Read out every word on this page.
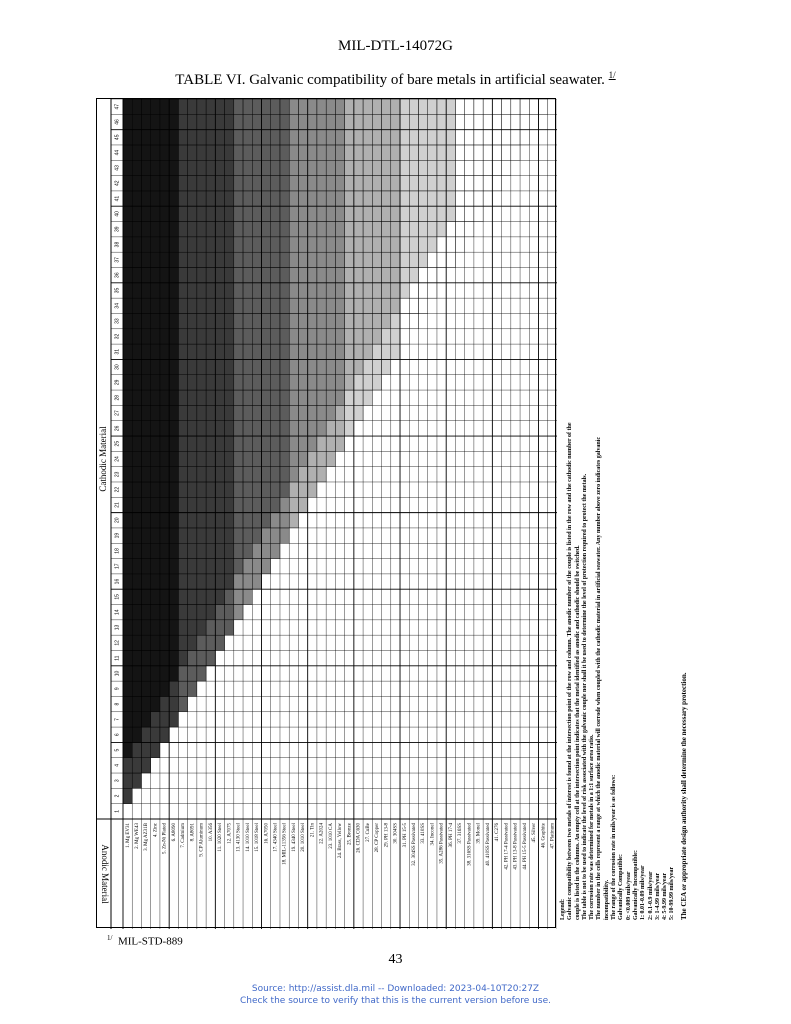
MIL-DTL-14072G
TABLE VI. Galvanic compatibility of bare metals in artificial seawater. $^{1/}$
1
2
3
4
5
6
7
8
9
10
11
12
13
14
15
16
17
18
19
20
21
22
23
24
25
26
27
28
29
30
31
32
33
34
35
36
37
38
39
40
41
42
43
44
45
46
47
1. Mg EV31 2. Mg WE43 3. Mg AZ31B 4. Zinc 5. Zn-Ni Plated 6. A8090 7. Cadmium 8. A8091 9. CP Aluminum 10. A356 11. 1020 Steel 12. A7075 13. 4130 Steel 14. 1010 Steel 15. 1018 Steel 16. A7050 17. 4340 Steel 18. MIL-11356 Steel 19. 4340 Steel 20. 1010 Steel 21. Tin 22. A2024 23. 1010 CA 24. Brass, Yellow 25. Bronze 26. CDA C630 27. CuBe 28. CP Copper 29. PH 13-8 30. 304SS 31. PH 15-5 32. 304SS Passivated 33. 410SS 34. Inconel 35. A286 Passivated 36. PH 17-4 37. 316SS 38. 316SS Passivated 39. Monel 40. 410SS Passivated 41. C276 42. PH 17-4 Passivated 43. PH 13-8 Passivated 44. PH 15-5 Passivated 45. Silver 46. Graphite 47. Platinum
Cathodic Material
Anodic Material
Legend: Galvanic compatibility between two metals of interest is found at the intersection point of the row and column. The anodic number of the couple is listed in the row and the cathodic number of the couple is listed in the columns. An empty cell at the intersection point indicates that the metal identified as anodic and cathodic should be switched. The table is not to be used to indicate the level of risk associated with the galvanic couple nor shall it be used to determine the level of protection required to protect the metals. The corrosion rate was determined for metals in a 1:1 surface area ratio. The number in the cells represent a range at which the anodic material will corrode when coupled with the cathodic material in artificial seawater. Any number above zero indicates galvanic incompatibility. The range of the corrosion rate in mils/year is as follows: Galvanically Compatible: 0: <0.009 mils/year Galvanically Incompatible: 1: 0.01-0.09 mils/year 2: 0.1-0.9 mils/year 3: 1-4.99 mils/year 4: 5-9.99 mils/year 5: 10-99.99 mils/year The CEA or appropriate design authority shall determine the necessary protection.
$^{1/}$ MIL-STD-889
43
Source: http://assist.dla.mil -- Downloaded: 2023-04-10T20:27Z
Check the source to verify that this is the current version before use.
